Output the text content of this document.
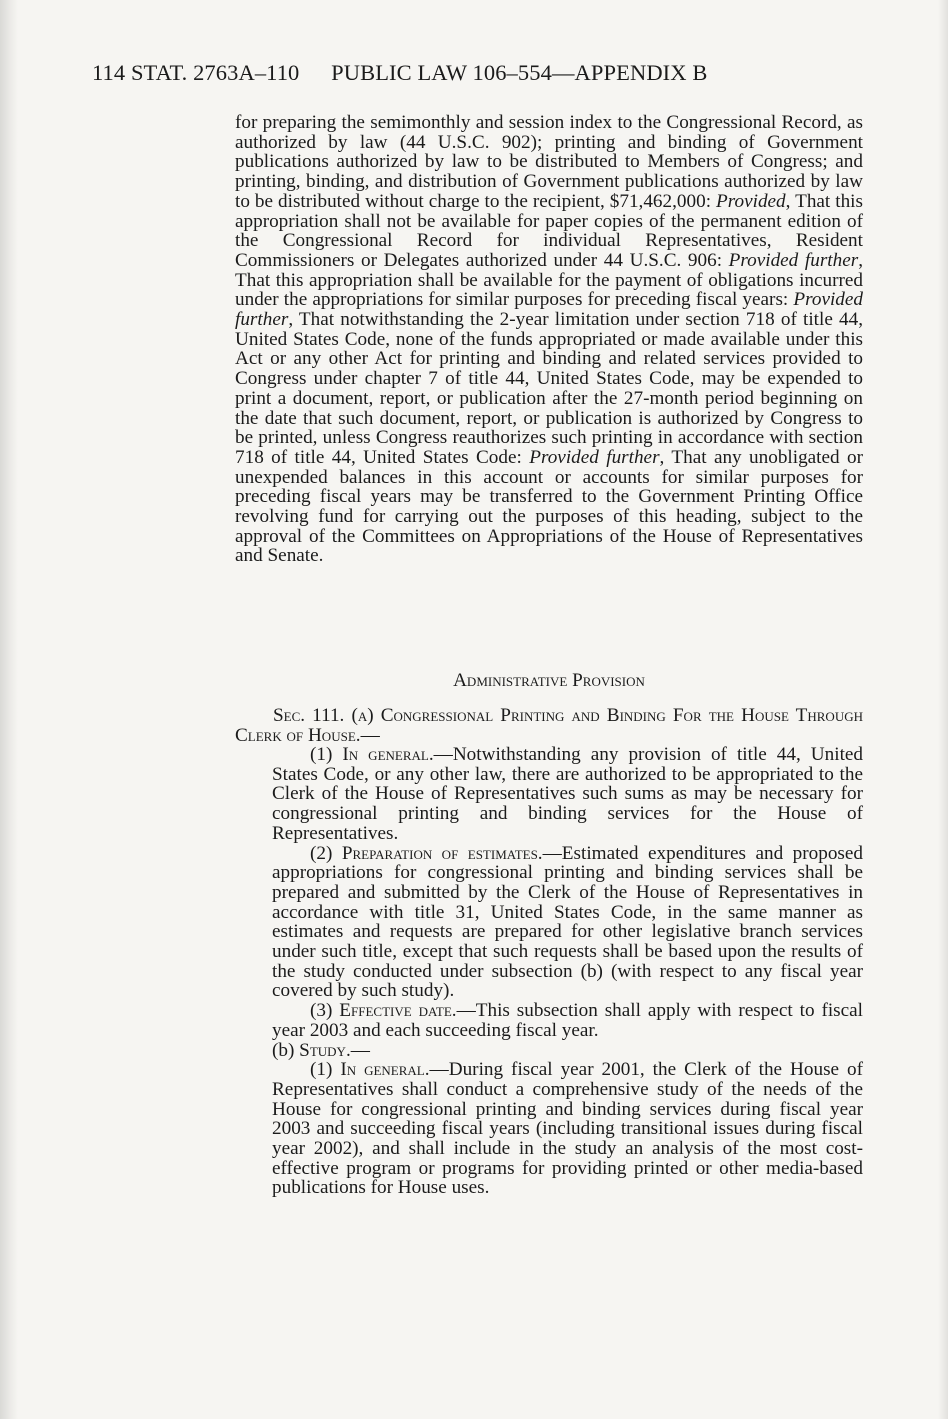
114 STAT. 2763A–110 PUBLIC LAW 106–554—APPENDIX B

for preparing the semimonthly and session index to the Congressional Record, as authorized by law (44 U.S.C. 902); printing and binding of Government publications authorized by law to be distributed to Members of Congress; and printing, binding, and distribution of Government publications authorized by law to be distributed without charge to the recipient, $71,462,000: Provided, That this appropriation shall not be available for paper copies of the permanent edition of the Congressional Record for individual Representatives, Resident Commissioners or Delegates authorized under 44 U.S.C. 906: Provided further, That this appropriation shall be available for the payment of obligations incurred under the appropriations for similar purposes for preceding fiscal years: Provided further, That notwithstanding the 2-year limitation under section 718 of title 44, United States Code, none of the funds appropriated or made available under this Act or any other Act for printing and binding and related services provided to Congress under chapter 7 of title 44, United States Code, may be expended to print a document, report, or publication after the 27-month period beginning on the date that such document, report, or publication is authorized by Congress to be printed, unless Congress reauthorizes such printing in accordance with section 718 of title 44, United States Code: Provided further, That any unobligated or unexpended balances in this account or accounts for similar purposes for preceding fiscal years may be transferred to the Government Printing Office revolving fund for carrying out the purposes of this heading, subject to the approval of the Committees on Appropriations of the House of Representatives and Senate.

Administrative Provision

Sec. 111. (a) Congressional Printing and Binding For the House Through Clerk of House.—

(1) In general.—Notwithstanding any provision of title 44, United States Code, or any other law, there are authorized to be appropriated to the Clerk of the House of Representatives such sums as may be necessary for congressional printing and binding services for the House of Representatives.

(2) Preparation of estimates.—Estimated expenditures and proposed appropriations for congressional printing and binding services shall be prepared and submitted by the Clerk of the House of Representatives in accordance with title 31, United States Code, in the same manner as estimates and requests are prepared for other legislative branch services under such title, except that such requests shall be based upon the results of the study conducted under subsection (b) (with respect to any fiscal year covered by such study).

(3) Effective date.—This subsection shall apply with respect to fiscal year 2003 and each succeeding fiscal year.

(b) Study.—

(1) In general.—During fiscal year 2001, the Clerk of the House of Representatives shall conduct a comprehensive study of the needs of the House for congressional printing and binding services during fiscal year 2003 and succeeding fiscal years (including transitional issues during fiscal year 2002), and shall include in the study an analysis of the most cost-effective program or programs for providing printed or other media-based publications for House uses.
